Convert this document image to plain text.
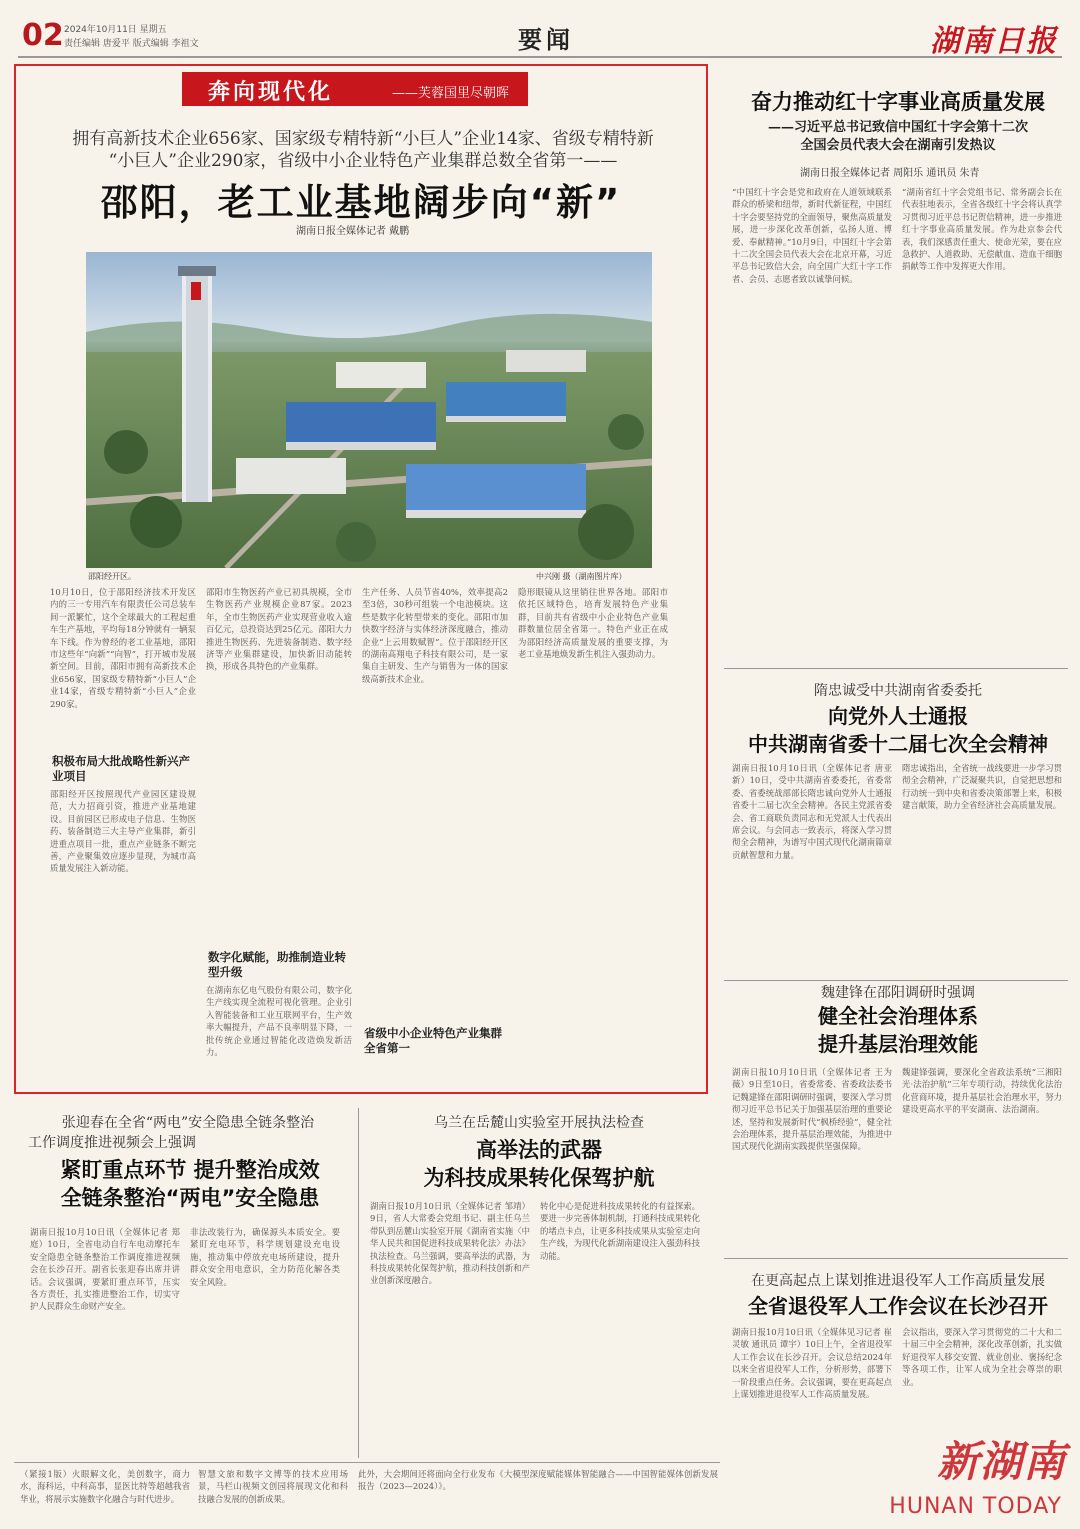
02 2024年10月11日 星期五
责任编辑 唐爱平 版式编辑 李祖文	要闻	湖南日报
奔向现代化	——芙蓉国里尽朝晖
拥有高新技术企业656家、国家级专精特新“小巨人”企业14家、省级专精特新
“小巨人”企业290家，省级中小企业特色产业集群总数全省第一——
邵阳，老工业基地阔步向“新”
湖南日报全媒体记者 戴鹏
邵阳经开区。	中兴刚 摄（湖南图片库）
10月10日，位于邵阳经济技术开发区内的三一专用汽车有限责任公司总装车间一派繁忙，这个全球最大的工程起重车生产基地，平均每18分钟就有一辆泵车下线。作为曾经的老工业基地，邵阳市这些年“向新”“向智”，打开城市发展新空间。目前，邵阳市拥有高新技术企业656家，国家级专精特新“小巨人”企业14家，省级专精特新“小巨人”企业290家。
积极布局大批战略性新兴产业项目
邵阳经开区按照现代产业园区建设规范，大力招商引资，推进产业基地建设。目前园区已形成电子信息、生物医药、装备制造三大主导产业集群，新引进重点项目一批，重点产业链条不断完善，产业聚集效应逐步显现，为城市高质量发展注入新动能。
邵阳市生物医药产业已初具规模，全市生物医药产业规模企业87家。2023年，全市生物医药产业实现营业收入逾百亿元，总投资达到25亿元。邵阳大力推进生物医药、先进装备制造、数字经济等产业集群建设，加快新旧动能转换，形成各具特色的产业集群。
数字化赋能，助推制造业转型升级
在湖南东亿电气股份有限公司，数字化生产线实现全流程可视化管理。企业引入智能装备和工业互联网平台，生产效率大幅提升，产品不良率明显下降，一批传统企业通过智能化改造焕发新活力。
生产任务、人员节省40%，效率提高2至3倍，30秒可组装一个电池模块。这些是数字化转型带来的变化。邵阳市加快数字经济与实体经济深度融合，推动企业“上云用数赋智”。位于邵阳经开区的湖南高翔电子科技有限公司，是一家集自主研发、生产与销售为一体的国家级高新技术企业。
省级中小企业特色产业集群全省第一
隐形眼镜从这里销往世界各地。邵阳市依托区域特色，培育发展特色产业集群，目前共有省级中小企业特色产业集群数量位居全省第一。特色产业正在成为邵阳经济高质量发展的重要支撑，为老工业基地焕发新生机注入强劲动力。
奋力推动红十字事业高质量发展
——习近平总书记致信中国红十字会第十二次
全国会员代表大会在湖南引发热议
湖南日报全媒体记者 周阳乐 通讯员 朱青
“中国红十字会是党和政府在人道领域联系群众的桥梁和纽带，新时代新征程，中国红十字会要坚持党的全面领导，聚焦高质量发展，进一步深化改革创新，弘扬人道、博爱、奉献精神。”10月9日，中国红十字会第十二次全国会员代表大会在北京开幕，习近平总书记致信大会，向全国广大红十字工作者、会员、志愿者致以诚挚问候。
“湖南省红十字会党组书记、常务副会长在代表驻地表示，全省各级红十字会将认真学习贯彻习近平总书记贺信精神，进一步推进红十字事业高质量发展。作为赴京参会代表，我们深感责任重大、使命光荣，要在应急救护、人道救助、无偿献血、造血干细胞捐献等工作中发挥更大作用。
隋忠诚受中共湖南省委委托
向党外人士通报
中共湖南省委十二届七次全会精神
湖南日报10月10日讯（全媒体记者 唐亚新）10日，受中共湖南省委委托，省委常委、省委统战部部长隋忠诚向党外人士通报省委十二届七次全会精神。各民主党派省委会、省工商联负责同志和无党派人士代表出席会议。与会同志一致表示，将深入学习贯彻全会精神，为谱写中国式现代化湖南篇章贡献智慧和力量。
隋忠诚指出，全省统一战线要进一步学习贯彻全会精神，广泛凝聚共识，自觉把思想和行动统一到中央和省委决策部署上来，积极建言献策，助力全省经济社会高质量发展。
魏建锋在邵阳调研时强调
健全社会治理体系
提升基层治理效能
湖南日报10月10日讯（全媒体记者 王为薇）9日至10日，省委常委、省委政法委书记魏建锋在邵阳调研时强调，要深入学习贯彻习近平总书记关于加强基层治理的重要论述，坚持和发展新时代“枫桥经验”，健全社会治理体系，提升基层治理效能，为推进中国式现代化湖南实践提供坚强保障。
魏建锋强调，要深化全省政法系统“三湘阳光·法治护航”三年专项行动，持续优化法治化营商环境，提升基层社会治理水平，努力建设更高水平的平安湖南、法治湖南。
在更高起点上谋划推进退役军人工作高质量发展
全省退役军人工作会议在长沙召开
湖南日报10月10日讯（全媒体见习记者 崔灵敏 通讯员 谭宇）10日上午，全省退役军人工作会议在长沙召开。会议总结2024年以来全省退役军人工作，分析形势，部署下一阶段重点任务。会议强调，要在更高起点上谋划推进退役军人工作高质量发展。
会议指出，要深入学习贯彻党的二十大和二十届三中全会精神，深化改革创新，扎实做好退役军人移交安置、就业创业、褒扬纪念等各项工作，让军人成为全社会尊崇的职业。
张迎春在全省“两电”安全隐患全链条整治
工作调度推进视频会上强调
紧盯重点环节 提升整治成效
全链条整治“两电”安全隐患
湖南日报10月10日讯（全媒体记者 郑庭）10日，全省电动自行车电动摩托车安全隐患全链条整治工作调度推进视频会在长沙召开。副省长张迎春出席并讲话。会议强调，要紧盯重点环节，压实各方责任，扎实推进整治工作，切实守护人民群众生命财产安全。
非法改装行为，确保源头本质安全。要紧盯充电环节，科学规划建设充电设施，推动集中停放充电场所建设，提升群众安全用电意识，全力防范化解各类安全风险。
乌兰在岳麓山实验室开展执法检查
高举法的武器
为科技成果转化保驾护航
湖南日报10月10日讯（全媒体记者 邹靖）9日，省人大常委会党组书记、副主任乌兰带队到岳麓山实验室开展《湖南省实施〈中华人民共和国促进科技成果转化法〉办法》执法检查。乌兰强调，要高举法的武器，为科技成果转化保驾护航，推动科技创新和产业创新深度融合。
转化中心是促进科技成果转化的有益探索。要进一步完善体制机制，打通科技成果转化的堵点卡点，让更多科技成果从实验室走向生产线，为现代化新湖南建设注入强劲科技动能。
（紧接1版）火眼解文化，美创数字，商力水，海科运，中科高事，显医比特等超越我省华业，将展示实施数字化融合与时代进步。
智慧文旅和数字文博等的技术应用场景，马栏山视频文创园将展现文化和科技融合发展的创新成果。
此外，大会期间还将面向全行业发布《大模型深度赋能媒体智能融合——中国智能媒体创新发展报告（2023—2024）》。
新湖南
HUNAN TODAY
